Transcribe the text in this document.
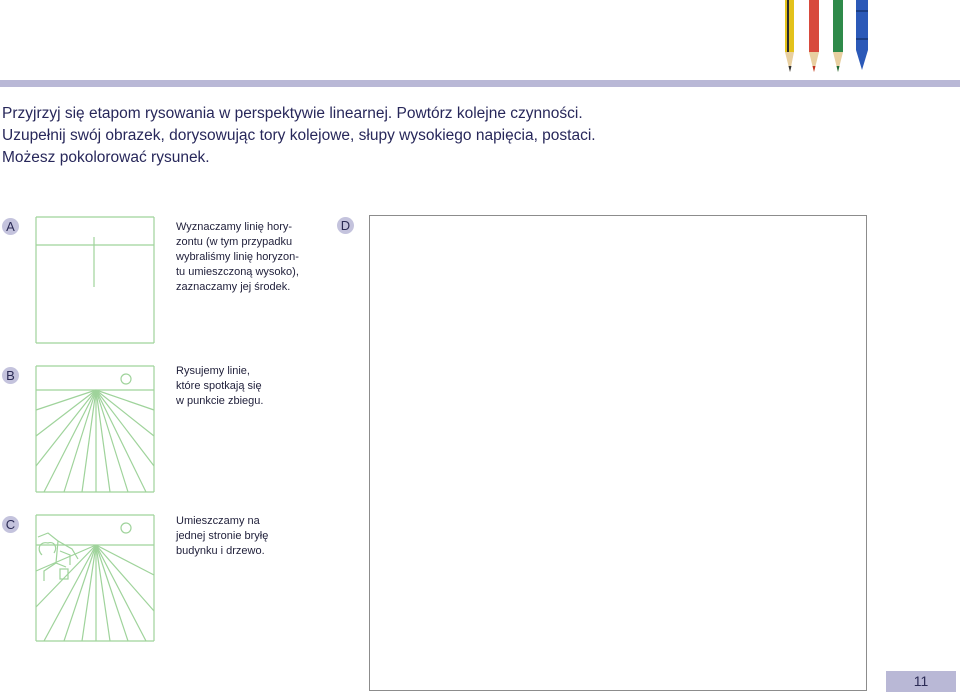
Przyjrzyj się etapom rysowania w perspektywie linearnej. Powtórz kolejne czynności.

Uzupełnij swój obrazek, dorysowując tory kolejowe, słupy wysokiego napięcia, postaci.

Możesz pokolorować rysunek.

A	Wyznaczamy linię hory-
zontu (w tym przypadku
wybraliśmy linię horyzon-
tu umieszczoną wysoko),
zaznaczamy jej środek.
B	Rysujemy linie,
które spotkają się
w punkcie zbiegu.
C	Umieszczamy na
jednej stronie bryłę
budynku i drzewo.
D
11
